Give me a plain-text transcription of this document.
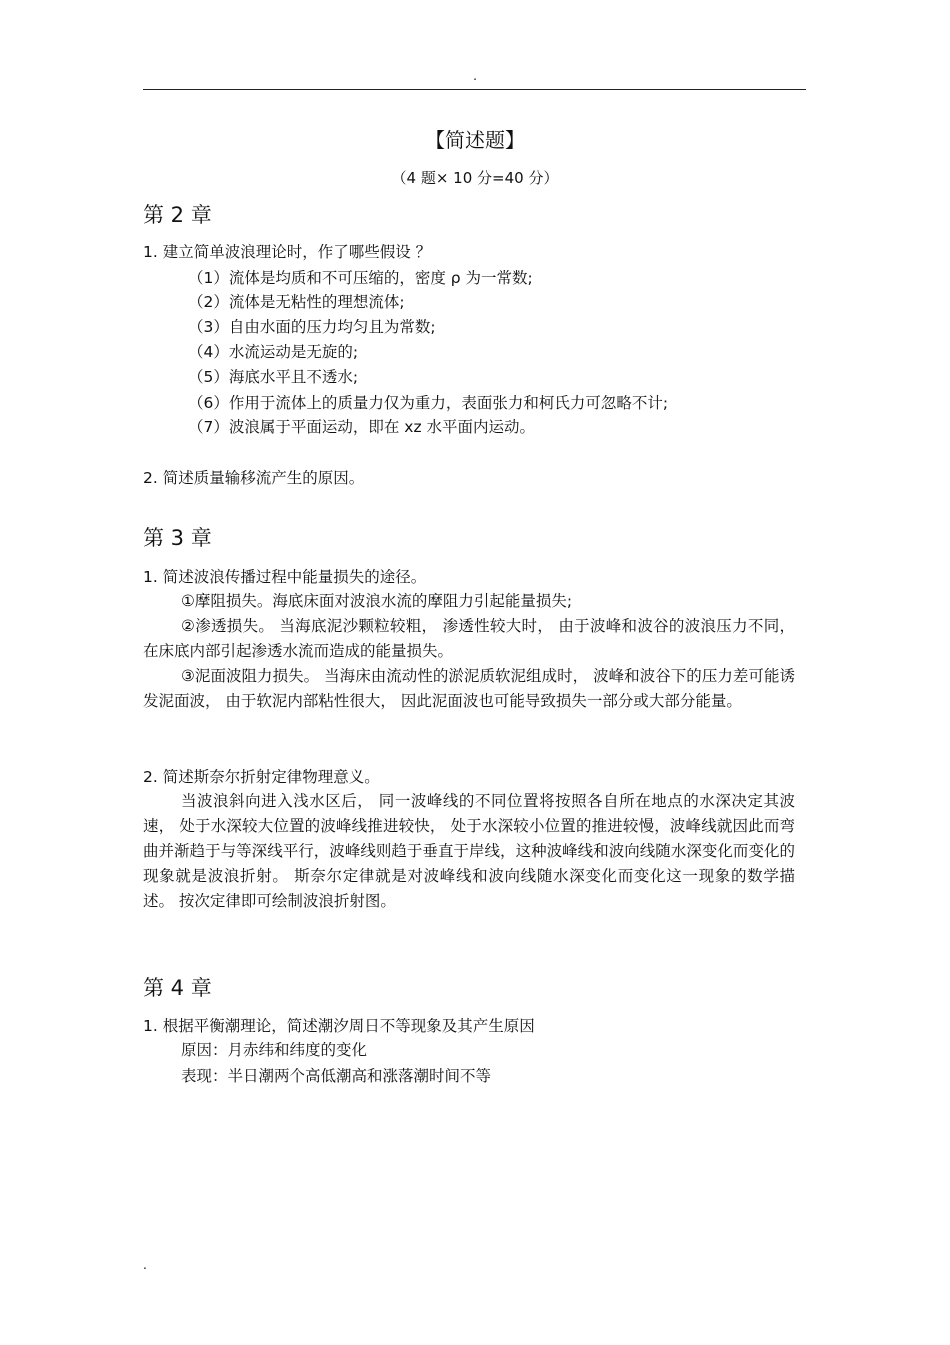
.
【简述题】
（4 题× 10 分=40 分）
第 2 章
1. 建立简单波浪理论时，作了哪些假设 ？
（1）流体是均质和不可压缩的，密度 ρ 为一常数;
（2）流体是无粘性的理想流体;
（3）自由水面的压力均匀且为常数;
（4）水流运动是无旋的;
（5）海底水平且不透水;
（6）作用于流体上的质量力仅为重力，表面张力和柯氏力可忽略不计;
（7）波浪属于平面运动，即在 xz 水平面内运动。
2. 简述质量输移流产生的原因。
第 3 章
1. 简述波浪传播过程中能量损失的途径。
①摩阻损失。海底床面对波浪水流的摩阻力引起能量损失;
②渗透损失。 当海底泥沙颗粒较粗， 渗透性较大时， 由于波峰和波谷的波浪压力不同，在床底内部引起渗透水流而造成的能量损失。
③泥面波阻力损失。 当海床由流动性的淤泥质软泥组成时， 波峰和波谷下的压力差可能诱发泥面波， 由于软泥内部粘性很大， 因此泥面波也可能导致损失一部分或大部分能量。
2. 简述斯奈尔折射定律物理意义。
当波浪斜向进入浅水区后， 同一波峰线的不同位置将按照各自所在地点的水深决定其波速， 处于水深较大位置的波峰线推进较快， 处于水深较小位置的推进较慢，波峰线就因此而弯曲并渐趋于与等深线平行，波峰线则趋于垂直于岸线，这种波峰线和波向线随水深变化而变化的现象就是波浪折射。 斯奈尔定律就是对波峰线和波向线随水深变化而变化这一现象的数学描述。 按次定律即可绘制波浪折射图。
第 4 章
1. 根据平衡潮理论，简述潮汐周日不等现象及其产生原因
原因：月赤纬和纬度的变化
表现：半日潮两个高低潮高和涨落潮时间不等
.
